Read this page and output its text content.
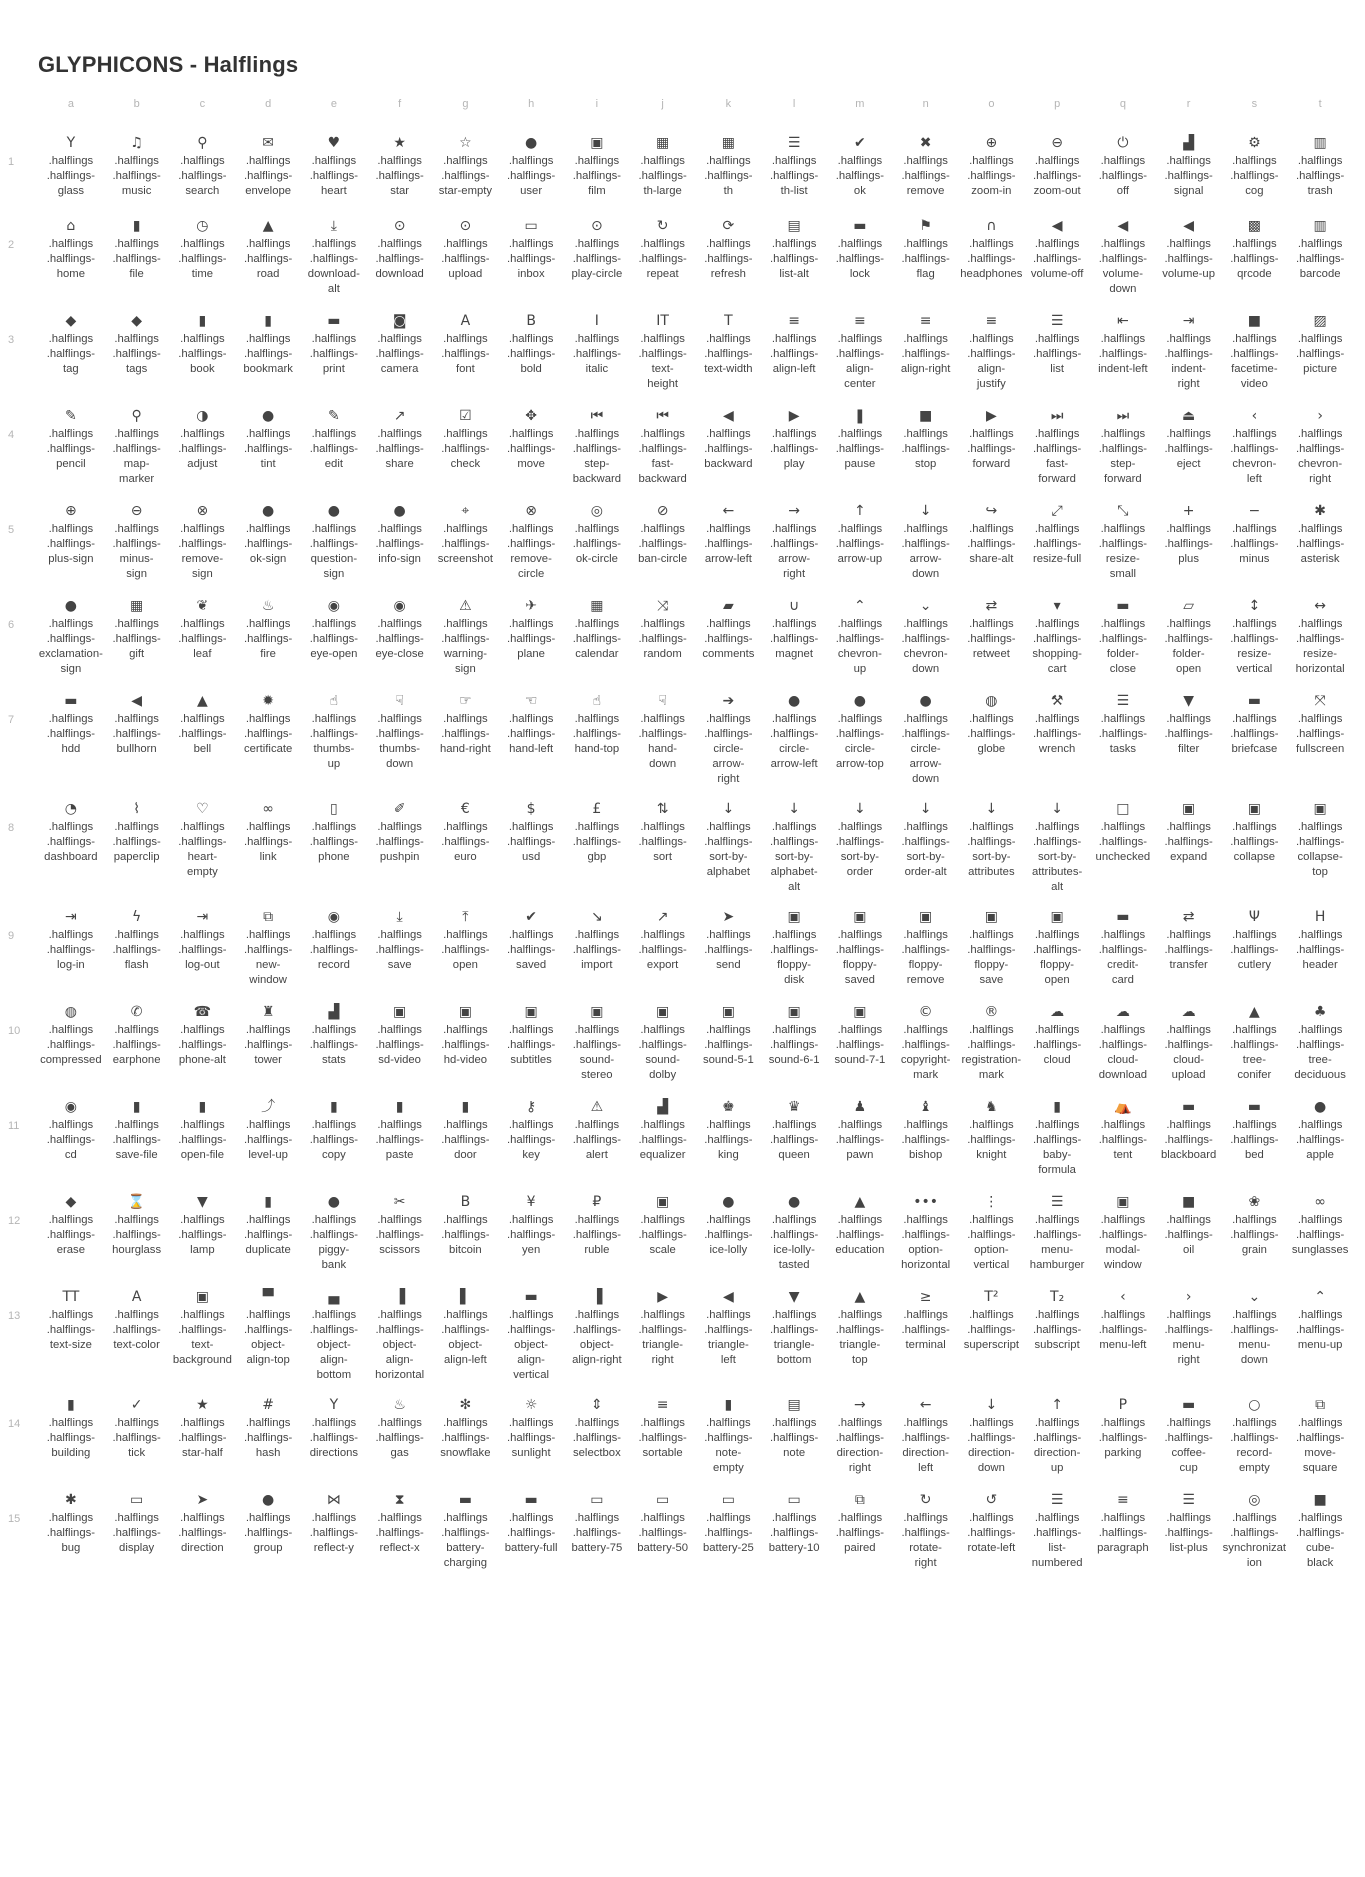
GLYPHICONS - Halflings
a	b	c	d	e	f	g	h	i	j	k	l	m	n	o	p	q	r	s	t
1
Y
.halflings
.halflings-
glass
♫
.halflings
.halflings-
music
⚲
.halflings
.halflings-
search
✉
.halflings
.halflings-
envelope
♥
.halflings
.halflings-
heart
★
.halflings
.halflings-
star
☆
.halflings
.halflings-
star-empty
●
.halflings
.halflings-
user
▣
.halflings
.halflings-
film
▦
.halflings
.halflings-
th-large
▦
.halflings
.halflings-
th
☰
.halflings
.halflings-
th-list
✔
.halflings
.halflings-
ok
✖
.halflings
.halflings-
remove
⊕
.halflings
.halflings-
zoom-in
⊖
.halflings
.halflings-
zoom-out
⏻
.halflings
.halflings-
off
▟
.halflings
.halflings-
signal
⚙
.halflings
.halflings-
cog
▥
.halflings
.halflings-
trash
2
⌂
.halflings
.halflings-
home
▮
.halflings
.halflings-
file
◷
.halflings
.halflings-
time
▲
.halflings
.halflings-
road
⤓
.halflings
.halflings-
download-
alt
⊙
.halflings
.halflings-
download
⊙
.halflings
.halflings-
upload
▭
.halflings
.halflings-
inbox
⊙
.halflings
.halflings-
play-circle
↻
.halflings
.halflings-
repeat
⟳
.halflings
.halflings-
refresh
▤
.halflings
.halflings-
list-alt
▬
.halflings
.halflings-
lock
⚑
.halflings
.halflings-
flag
∩
.halflings
.halflings-
headphones
◀
.halflings
.halflings-
volume-off
◀
.halflings
.halflings-
volume-
down
◀
.halflings
.halflings-
volume-up
▩
.halflings
.halflings-
qrcode
▥
.halflings
.halflings-
barcode
3
◆
.halflings
.halflings-
tag
◆
.halflings
.halflings-
tags
▮
.halflings
.halflings-
book
▮
.halflings
.halflings-
bookmark
▬
.halflings
.halflings-
print
◙
.halflings
.halflings-
camera
A
.halflings
.halflings-
font
B
.halflings
.halflings-
bold
I
.halflings
.halflings-
italic
IT
.halflings
.halflings-
text-
height
T
.halflings
.halflings-
text-width
≡
.halflings
.halflings-
align-left
≡
.halflings
.halflings-
align-
center
≡
.halflings
.halflings-
align-right
≡
.halflings
.halflings-
align-
justify
☰
.halflings
.halflings-
list
⇤
.halflings
.halflings-
indent-left
⇥
.halflings
.halflings-
indent-
right
■
.halflings
.halflings-
facetime-
video
▨
.halflings
.halflings-
picture
4
✎
.halflings
.halflings-
pencil
⚲
.halflings
.halflings-
map-
marker
◑
.halflings
.halflings-
adjust
●
.halflings
.halflings-
tint
✎
.halflings
.halflings-
edit
↗
.halflings
.halflings-
share
☑
.halflings
.halflings-
check
✥
.halflings
.halflings-
move
⏮
.halflings
.halflings-
step-
backward
⏮
.halflings
.halflings-
fast-
backward
◀
.halflings
.halflings-
backward
▶
.halflings
.halflings-
play
❚
.halflings
.halflings-
pause
■
.halflings
.halflings-
stop
▶
.halflings
.halflings-
forward
⏭
.halflings
.halflings-
fast-
forward
⏭
.halflings
.halflings-
step-
forward
⏏
.halflings
.halflings-
eject
‹
.halflings
.halflings-
chevron-
left
›
.halflings
.halflings-
chevron-
right
5
⊕
.halflings
.halflings-
plus-sign
⊖
.halflings
.halflings-
minus-
sign
⊗
.halflings
.halflings-
remove-
sign
●
.halflings
.halflings-
ok-sign
●
.halflings
.halflings-
question-
sign
●
.halflings
.halflings-
info-sign
⌖
.halflings
.halflings-
screenshot
⊗
.halflings
.halflings-
remove-
circle
◎
.halflings
.halflings-
ok-circle
⊘
.halflings
.halflings-
ban-circle
←
.halflings
.halflings-
arrow-left
→
.halflings
.halflings-
arrow-
right
↑
.halflings
.halflings-
arrow-up
↓
.halflings
.halflings-
arrow-
down
↪
.halflings
.halflings-
share-alt
⤢
.halflings
.halflings-
resize-full
⤡
.halflings
.halflings-
resize-
small
+
.halflings
.halflings-
plus
−
.halflings
.halflings-
minus
✱
.halflings
.halflings-
asterisk
6
●
.halflings
.halflings-
exclamation-
sign
▦
.halflings
.halflings-
gift
❦
.halflings
.halflings-
leaf
♨
.halflings
.halflings-
fire
◉
.halflings
.halflings-
eye-open
◉
.halflings
.halflings-
eye-close
⚠
.halflings
.halflings-
warning-
sign
✈
.halflings
.halflings-
plane
▦
.halflings
.halflings-
calendar
⤨
.halflings
.halflings-
random
▰
.halflings
.halflings-
comments
∪
.halflings
.halflings-
magnet
⌃
.halflings
.halflings-
chevron-
up
⌄
.halflings
.halflings-
chevron-
down
⇄
.halflings
.halflings-
retweet
▾
.halflings
.halflings-
shopping-
cart
▬
.halflings
.halflings-
folder-
close
▱
.halflings
.halflings-
folder-
open
↕
.halflings
.halflings-
resize-
vertical
↔
.halflings
.halflings-
resize-
horizontal
7
▬
.halflings
.halflings-
hdd
◀
.halflings
.halflings-
bullhorn
▲
.halflings
.halflings-
bell
✹
.halflings
.halflings-
certificate
☝
.halflings
.halflings-
thumbs-
up
☟
.halflings
.halflings-
thumbs-
down
☞
.halflings
.halflings-
hand-right
☜
.halflings
.halflings-
hand-left
☝
.halflings
.halflings-
hand-top
☟
.halflings
.halflings-
hand-
down
➔
.halflings
.halflings-
circle-
arrow-
right
●
.halflings
.halflings-
circle-
arrow-left
●
.halflings
.halflings-
circle-
arrow-top
●
.halflings
.halflings-
circle-
arrow-
down
◍
.halflings
.halflings-
globe
⚒
.halflings
.halflings-
wrench
☰
.halflings
.halflings-
tasks
▼
.halflings
.halflings-
filter
▬
.halflings
.halflings-
briefcase
⤧
.halflings
.halflings-
fullscreen
8
◔
.halflings
.halflings-
dashboard
⌇
.halflings
.halflings-
paperclip
♡
.halflings
.halflings-
heart-
empty
∞
.halflings
.halflings-
link
▯
.halflings
.halflings-
phone
✐
.halflings
.halflings-
pushpin
€
.halflings
.halflings-
euro
$
.halflings
.halflings-
usd
£
.halflings
.halflings-
gbp
⇅
.halflings
.halflings-
sort
↓
.halflings
.halflings-
sort-by-
alphabet
↓
.halflings
.halflings-
sort-by-
alphabet-
alt
↓
.halflings
.halflings-
sort-by-
order
↓
.halflings
.halflings-
sort-by-
order-alt
↓
.halflings
.halflings-
sort-by-
attributes
↓
.halflings
.halflings-
sort-by-
attributes-
alt
□
.halflings
.halflings-
unchecked
▣
.halflings
.halflings-
expand
▣
.halflings
.halflings-
collapse
▣
.halflings
.halflings-
collapse-
top
9
⇥
.halflings
.halflings-
log-in
ϟ
.halflings
.halflings-
flash
⇥
.halflings
.halflings-
log-out
⧉
.halflings
.halflings-
new-
window
◉
.halflings
.halflings-
record
⤓
.halflings
.halflings-
save
⤒
.halflings
.halflings-
open
✔
.halflings
.halflings-
saved
↘
.halflings
.halflings-
import
↗
.halflings
.halflings-
export
➤
.halflings
.halflings-
send
▣
.halflings
.halflings-
floppy-
disk
▣
.halflings
.halflings-
floppy-
saved
▣
.halflings
.halflings-
floppy-
remove
▣
.halflings
.halflings-
floppy-
save
▣
.halflings
.halflings-
floppy-
open
▬
.halflings
.halflings-
credit-
card
⇄
.halflings
.halflings-
transfer
Ψ
.halflings
.halflings-
cutlery
H
.halflings
.halflings-
header
10
◍
.halflings
.halflings-
compressed
✆
.halflings
.halflings-
earphone
☎
.halflings
.halflings-
phone-alt
♜
.halflings
.halflings-
tower
▟
.halflings
.halflings-
stats
▣
.halflings
.halflings-
sd-video
▣
.halflings
.halflings-
hd-video
▣
.halflings
.halflings-
subtitles
▣
.halflings
.halflings-
sound-
stereo
▣
.halflings
.halflings-
sound-
dolby
▣
.halflings
.halflings-
sound-5-1
▣
.halflings
.halflings-
sound-6-1
▣
.halflings
.halflings-
sound-7-1
©
.halflings
.halflings-
copyright-
mark
®
.halflings
.halflings-
registration-
mark
☁
.halflings
.halflings-
cloud
☁
.halflings
.halflings-
cloud-
download
☁
.halflings
.halflings-
cloud-
upload
▲
.halflings
.halflings-
tree-
conifer
♣
.halflings
.halflings-
tree-
deciduous
11
◉
.halflings
.halflings-
cd
▮
.halflings
.halflings-
save-file
▮
.halflings
.halflings-
open-file
⤴
.halflings
.halflings-
level-up
▮
.halflings
.halflings-
copy
▮
.halflings
.halflings-
paste
▮
.halflings
.halflings-
door
⚷
.halflings
.halflings-
key
⚠
.halflings
.halflings-
alert
▟
.halflings
.halflings-
equalizer
♚
.halflings
.halflings-
king
♛
.halflings
.halflings-
queen
♟
.halflings
.halflings-
pawn
♝
.halflings
.halflings-
bishop
♞
.halflings
.halflings-
knight
▮
.halflings
.halflings-
baby-
formula
⛺
.halflings
.halflings-
tent
▬
.halflings
.halflings-
blackboard
▬
.halflings
.halflings-
bed
●
.halflings
.halflings-
apple
12
◆
.halflings
.halflings-
erase
⌛
.halflings
.halflings-
hourglass
▼
.halflings
.halflings-
lamp
▮
.halflings
.halflings-
duplicate
●
.halflings
.halflings-
piggy-
bank
✂
.halflings
.halflings-
scissors
B
.halflings
.halflings-
bitcoin
¥
.halflings
.halflings-
yen
₽
.halflings
.halflings-
ruble
▣
.halflings
.halflings-
scale
●
.halflings
.halflings-
ice-lolly
●
.halflings
.halflings-
ice-lolly-
tasted
▲
.halflings
.halflings-
education
•••
.halflings
.halflings-
option-
horizontal
⋮
.halflings
.halflings-
option-
vertical
☰
.halflings
.halflings-
menu-
hamburger
▣
.halflings
.halflings-
modal-
window
■
.halflings
.halflings-
oil
❀
.halflings
.halflings-
grain
∞
.halflings
.halflings-
sunglasses
13
TT
.halflings
.halflings-
text-size
A
.halflings
.halflings-
text-color
▣
.halflings
.halflings-
text-
background
▀
.halflings
.halflings-
object-
align-top
▄
.halflings
.halflings-
object-
align-
bottom
▐
.halflings
.halflings-
object-
align-
horizontal
▌
.halflings
.halflings-
object-
align-left
▬
.halflings
.halflings-
object-
align-
vertical
▐
.halflings
.halflings-
object-
align-right
▶
.halflings
.halflings-
triangle-
right
◀
.halflings
.halflings-
triangle-
left
▼
.halflings
.halflings-
triangle-
bottom
▲
.halflings
.halflings-
triangle-
top
≥
.halflings
.halflings-
terminal
T²
.halflings
.halflings-
superscript
T₂
.halflings
.halflings-
subscript
‹
.halflings
.halflings-
menu-left
›
.halflings
.halflings-
menu-
right
⌄
.halflings
.halflings-
menu-
down
⌃
.halflings
.halflings-
menu-up
14
▮
.halflings
.halflings-
building
✓
.halflings
.halflings-
tick
★
.halflings
.halflings-
star-half
#
.halflings
.halflings-
hash
Y
.halflings
.halflings-
directions
♨
.halflings
.halflings-
gas
✻
.halflings
.halflings-
snowflake
☼
.halflings
.halflings-
sunlight
⇕
.halflings
.halflings-
selectbox
≡
.halflings
.halflings-
sortable
▮
.halflings
.halflings-
note-
empty
▤
.halflings
.halflings-
note
→
.halflings
.halflings-
direction-
right
←
.halflings
.halflings-
direction-
left
↓
.halflings
.halflings-
direction-
down
↑
.halflings
.halflings-
direction-
up
P
.halflings
.halflings-
parking
▬
.halflings
.halflings-
coffee-
cup
○
.halflings
.halflings-
record-
empty
⧉
.halflings
.halflings-
move-
square
15
✱
.halflings
.halflings-
bug
▭
.halflings
.halflings-
display
➤
.halflings
.halflings-
direction
●
.halflings
.halflings-
group
⋈
.halflings
.halflings-
reflect-y
⧗
.halflings
.halflings-
reflect-x
▬
.halflings
.halflings-
battery-
charging
▬
.halflings
.halflings-
battery-full
▭
.halflings
.halflings-
battery-75
▭
.halflings
.halflings-
battery-50
▭
.halflings
.halflings-
battery-25
▭
.halflings
.halflings-
battery-10
⧉
.halflings
.halflings-
paired
↻
.halflings
.halflings-
rotate-
right
↺
.halflings
.halflings-
rotate-left
☰
.halflings
.halflings-
list-
numbered
≡
.halflings
.halflings-
paragraph
☰
.halflings
.halflings-
list-plus
◎
.halflings
.halflings-
synchronization
■
.halflings
.halflings-
cube-
black
